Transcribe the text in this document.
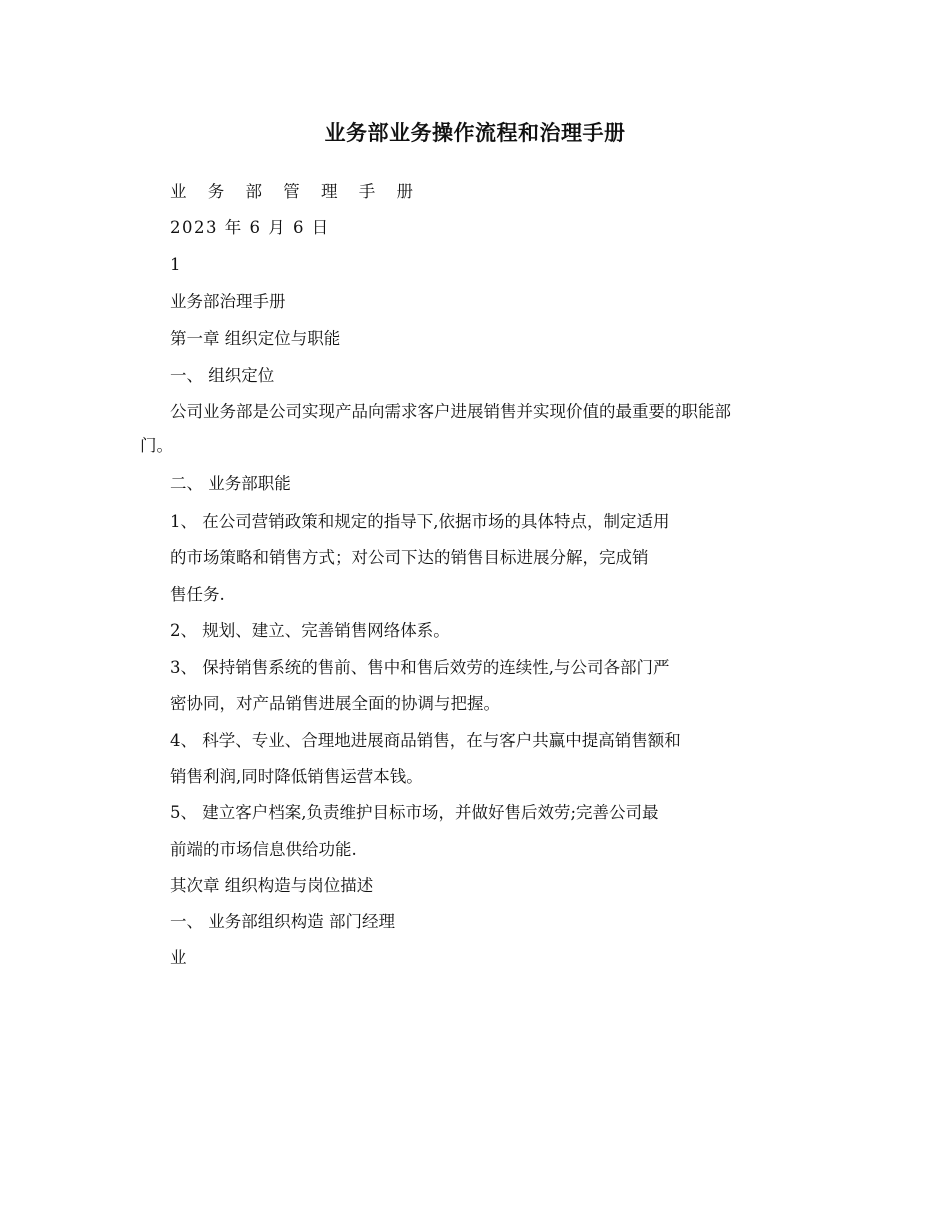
业务部业务操作流程和治理手册
业 务 部 管 理 手 册
2023 年 6 月 6 日
1
业务部治理手册
第一章 组织定位与职能
一、 组织定位
公司业务部是公司实现产品向需求客户进展销售并实现价值的最重要的职能部
门。
二、 业务部职能
1、 在公司营销政策和规定的指导下,依据市场的具体特点，制定适用
的市场策略和销售方式；对公司下达的销售目标进展分解，完成销
售任务.
2、 规划、建立、完善销售网络体系。
3、 保持销售系统的售前、售中和售后效劳的连续性,与公司各部门严
密协同，对产品销售进展全面的协调与把握。
4、 科学、专业、合理地进展商品销售，在与客户共赢中提高销售额和
销售利润,同时降低销售运营本钱。
5、 建立客户档案,负责维护目标市场，并做好售后效劳;完善公司最
前端的市场信息供给功能.
其次章 组织构造与岗位描述
一、 业务部组织构造 部门经理
业
